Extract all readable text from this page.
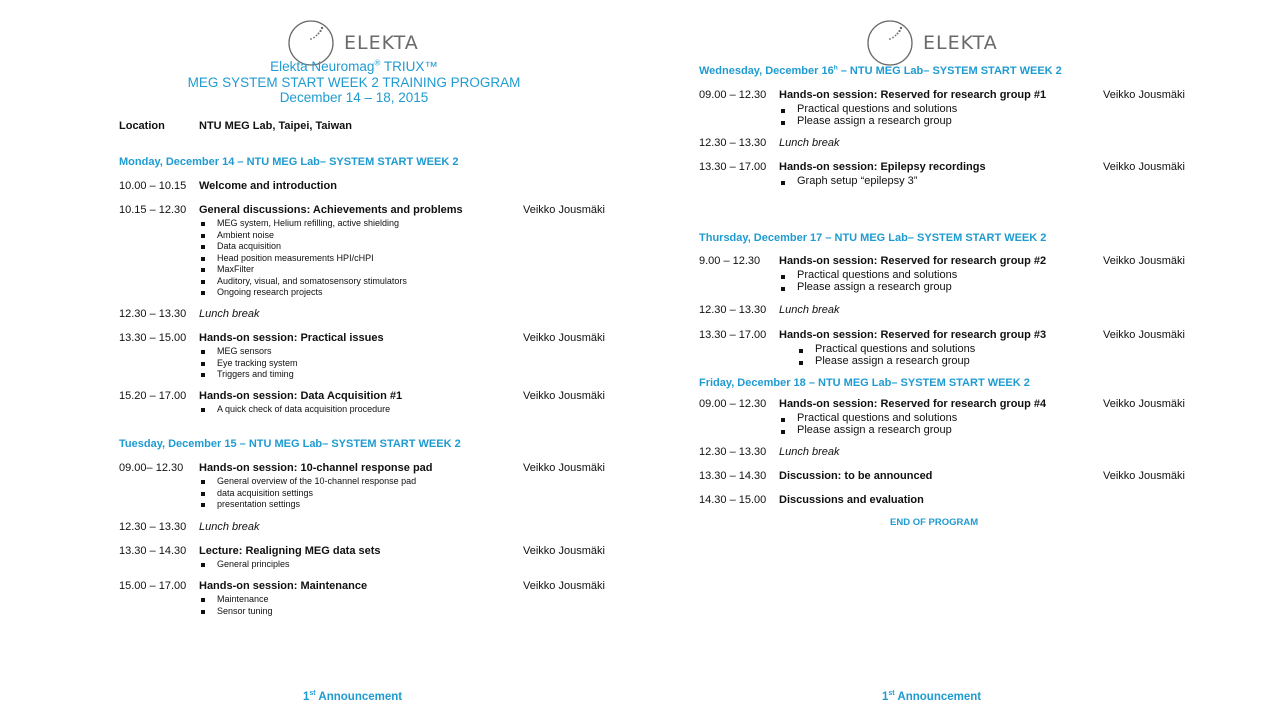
ELEKTA
Elekta Neuromag® TRIUX™
MEG SYSTEM START WEEK 2 TRAINING PROGRAM
December 14 – 18, 2015
Location	NTU MEG Lab, Taipei, Taiwan
Monday, December 14 – NTU MEG Lab– SYSTEM START WEEK 2
10.00 – 10.15 Welcome and introduction
10.15 – 12.30 General discussions: Achievements and problems	Veikko Jousmäki
MEG system, Helium refilling, active shielding
Ambient noise
Data acquisition
Head position measurements HPI/cHPI
MaxFilter
Auditory, visual, and somatosensory stimulators
Ongoing research projects
12.30 – 13.30 Lunch break
13.30 – 15.00 Hands-on session: Practical issues	Veikko Jousmäki
MEG sensors
Eye tracking system
Triggers and timing
15.20 – 17.00 Hands-on session: Data Acquisition #1	Veikko Jousmäki
A quick check of data acquisition procedure
Tuesday, December 15 – NTU MEG Lab– SYSTEM START WEEK 2
09.00– 12.30 Hands-on session: 10-channel response pad	Veikko Jousmäki
General overview of the 10-channel response pad
data acquisition settings
presentation settings
12.30 – 13.30 Lunch break
13.30 – 14.30 Lecture: Realigning MEG data sets	Veikko Jousmäki
General principles
15.00 – 17.00 Hands-on session: Maintenance	Veikko Jousmäki
Maintenance
Sensor tuning
1st Announcement
ELEKTA
Wednesday, December 16$^h$ – NTU MEG Lab– SYSTEM START WEEK 2
09.00 – 12.30 Hands-on session: Reserved for research group #1	Veikko Jousmäki
Practical questions and solutions
Please assign a research group
12.30 – 13.30 Lunch break
13.30 – 17.00 Hands-on session: Epilepsy recordings	Veikko Jousmäki
Graph setup “epilepsy 3”
Thursday, December 17 – NTU MEG Lab– SYSTEM START WEEK 2
9.00 – 12.30 Hands-on session: Reserved for research group #2	Veikko Jousmäki
Practical questions and solutions
Please assign a research group
12.30 – 13.30 Lunch break
13.30 – 17.00 Hands-on session: Reserved for research group #3	Veikko Jousmäki
Practical questions and solutions
Please assign a research group
Friday, December 18 – NTU MEG Lab– SYSTEM START WEEK 2
09.00 – 12.30 Hands-on session: Reserved for research group #4	Veikko Jousmäki
Practical questions and solutions
Please assign a research group
12.30 – 13.30 Lunch break
13.30 – 14.30 Discussion: to be announced	Veikko Jousmäki
14.30 – 15.00 Discussions and evaluation
END OF PROGRAM
1st Announcement
